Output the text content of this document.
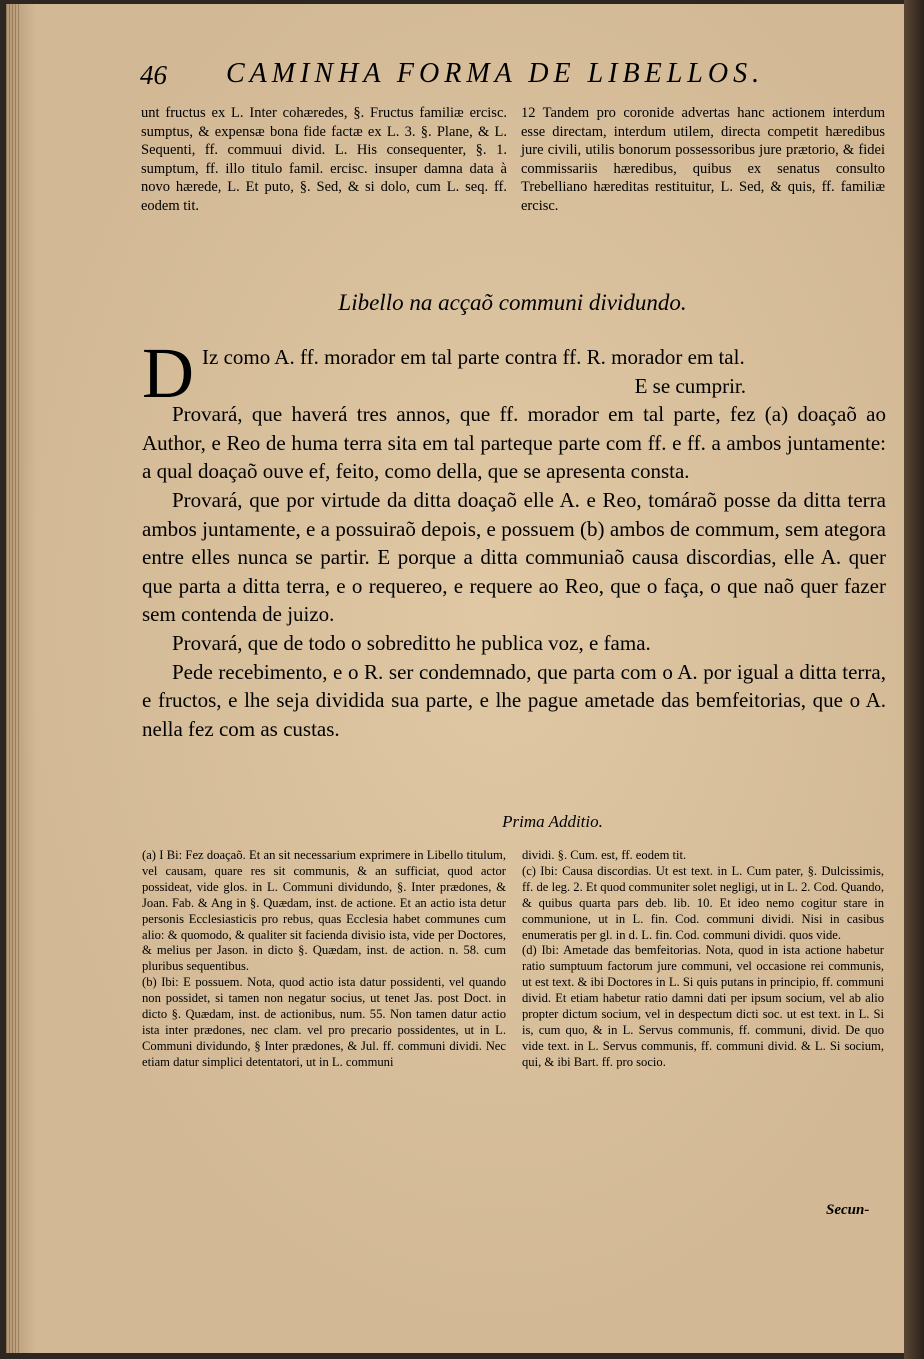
46 CAMINHA FORMA DE LIBELLOS.
unt fructus ex L. Inter cohæredes, §. Fructus familiæ ercisc. sumptus, & expensæ bona fide factæ ex L. 3. §. Plane, & L. Sequenti, ff. commuui divid. L. His consequenter, §. 1. sumptum, ff. illo titulo famil. ercisc. insuper damna data à novo hærede, L. Et puto, §. Sed, & si dolo, cum L. seq. ff. eodem tit.
12 Tandem pro coronide advertas hanc actionem interdum esse directam, interdum utilem, directa competit hæredibus jure civili, utilis bonorum possessoribus jure prætorio, & fidei commissariis hæredibus, quibus ex senatus consulto Trebelliano hæreditas restituitur, L. Sed, & quis, ff. familiæ ercisc.
Libello na acçaõ communi dividundo.

D Iz como A. ff. morador em tal parte contra ff. R. morador em tal.
E se cumprir.

Provará, que haverá tres annos, que ff. morador em tal parte, fez (a) doaçaõ ao Author, e Reo de huma terra sita em tal parteque parte com ff. e ff. a ambos juntamente: a qual doaçaõ ouve ef, feito, como della, que se apresenta consta.

Provará, que por virtude da ditta doaçaõ elle A. e Reo, tomáraõ posse da ditta terra ambos juntamente, e a possuiraõ depois, e possuem (b) ambos de commum, sem ategora entre elles nunca se partir. E porque a ditta communiaõ causa discordias, elle A. quer que parta a ditta terra, e o requereo, e requere ao Reo, que o faça, o que naõ quer fazer sem contenda de juizo.

Provará, que de todo o sobreditto he publica voz, e fama.

Pede recebimento, e o R. ser condemnado, que parta com o A. por igual a ditta terra, e fructos, e lhe seja dividida sua parte, e lhe pague ametade das bemfeitorias, que o A. nella fez com as custas.

Prima Additio.

(a) I Bi: Fez doaçaõ. Et an sit necessarium exprimere in Libello titulum, vel causam, quare res sit communis, & an sufficiat, quod actor possideat, vide glos. in L. Communi dividundo, §. Inter prædones, & Joan. Fab. & Ang in §. Quædam, inst. de actione. Et an actio ista detur personis Ecclesiasticis pro rebus, quas Ecclesia habet communes cum alio: & quomodo, & qualiter sit facienda divisio ista, vide per Doctores, & melius per Jason. in dicto §. Quædam, inst. de action. n. 58. cum pluribus sequentibus.

(b) Ibi: E possuem. Nota, quod actio ista datur possidenti, vel quando non possidet, si tamen non negatur socius, ut tenet Jas. post Doct. in dicto §. Quædam, inst. de actionibus, num. 55. Non tamen datur actio ista inter prædones, nec clam. vel pro precario possidentes, ut in L. Communi dividundo, § Inter prædones, & Jul. ff. communi dividi. Nec etiam datur simplici detentatori, ut in L. communi

dividi. §. Cum. est, ff. eodem tit.

(c) Ibi: Causa discordias. Ut est text. in L. Cum pater, §. Dulcissimis, ff. de leg. 2. Et quod communiter solet negligi, ut in L. 2. Cod. Quando, & quibus quarta pars deb. lib. 10. Et ideo nemo cogitur stare in communione, ut in L. fin. Cod. communi dividi. Nisi in casibus enumeratis per gl. in d. L. fin. Cod. communi dividi. quos vide.

(d) Ibi: Ametade das bemfeitorias. Nota, quod in ista actione habetur ratio sumptuum factorum jure communi, vel occasione rei communis, ut est text. & ibi Doctores in L. Si quis putans in principio, ff. communi divid. Et etiam habetur ratio damni dati per ipsum socium, vel ab alio propter dictum socium, vel in despectum dicti soc. ut est text. in L. Si is, cum quo, & in L. Servus communis, ff. communi, divid. De quo vide text. in L. Servus communis, ff. communi divid. & L. Si socium, qui, & ibi Bart. ff. pro socio.

Secun-
